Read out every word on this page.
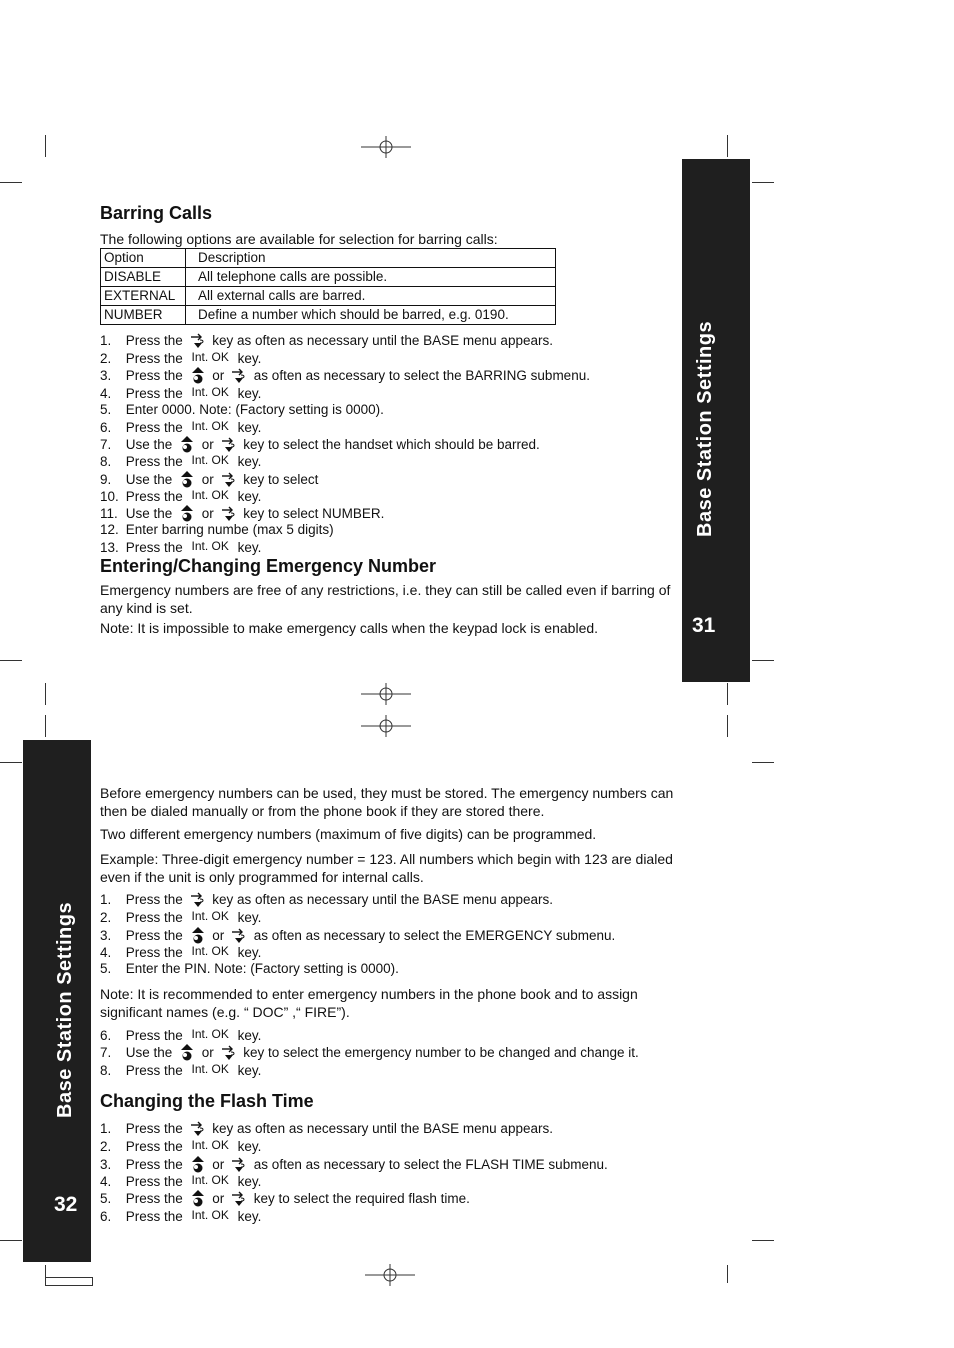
Base Station Settings
31
Base Station Settings
32
Barring Calls

The following options are available for selection for barring calls:

Option	Description
DISABLE	All telephone calls are possible.
EXTERNAL	All external calls are barred.
NUMBER	Define a number which should be barred, e.g. 0190.
1. Press the  key as often as necessary until the BASE menu appears.
2. Press the Int. OK key.
3. Press the  or  as often as necessary to select the BARRING submenu.
4. Press the Int. OK key.
5. Enter 0000. Note: (Factory setting is 0000).
6. Press the Int. OK key.
7. Use the  or  key to select the handset which should be barred.
8. Press the Int. OK key.
9. Use the  or  key to select
10. Press the Int. OK key.
11. Use the  or  key to select NUMBER.
12. Enter barring numbe (max 5 digits)
13. Press the Int. OK key.
Entering/Changing Emergency Number

Emergency numbers are free of any restrictions, i.e. they can still be called even if barring of any kind is set.

Note: It is impossible to make emergency calls when the keypad lock is enabled.

Before emergency numbers can be used, they must be stored. The emergency numbers can then be dialed manually or from the phone book if they are stored there.

Two different emergency numbers (maximum of five digits) can be programmed.

Example: Three-digit emergency number = 123. All numbers which begin with 123 are dialed even if the unit is only programmed for internal calls.

1. Press the  key as often as necessary until the BASE menu appears.
2. Press the Int. OK key.
3. Press the  or  as often as necessary to select the EMERGENCY submenu.
4. Press the Int. OK key.
5. Enter the PIN. Note: (Factory setting is 0000).

Note: It is recommended to enter emergency numbers in the phone book and to assign significant names (e.g. “ DOC” ,“ FIRE”).

6. Press the Int. OK key.
7. Use the  or  key to select the emergency number to be changed and change it.
8. Press the Int. OK key.
Changing the Flash Time
1. Press the  key as often as necessary until the BASE menu appears.
2. Press the Int. OK key.
3. Press the  or  as often as necessary to select the FLASH TIME submenu.
4. Press the Int. OK key.
5. Press the  or  key to select the required flash time.
6. Press the Int. OK key.
